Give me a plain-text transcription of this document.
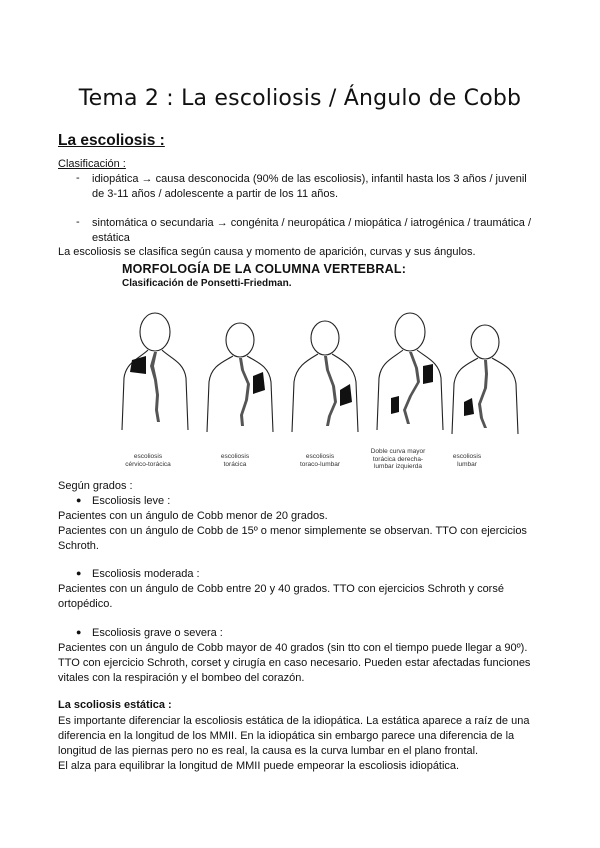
Tema 2 : La escoliosis / Ángulo de Cobb
La escoliosis :
Clasificación :
- idiopática → causa desconocida (90% de las escoliosis), infantil hasta los 3 años / juvenil
de 3-11 años / adolescente a partir de los 11 años.
- sintomática o secundaria → congénita / neuropática / miopática / iatrogénica / traumática /
estática
La escoliosis se clasifica según causa y momento de aparición, curvas y sus ángulos.
MORFOLOGÍA DE LA COLUMNA VERTEBRAL:
Clasificación de Ponsetti-Friedman.
escoliosis
cérvico-torácica
escoliosis
torácica
escoliosis
toraco-lumbar
Doble curva mayor
torácica derecha-
lumbar izquierda
escoliosis
lumbar
Según grados :
● Escoliosis leve :
Pacientes con un ángulo de Cobb menor de 20 grados.
Pacientes con un ángulo de Cobb de 15º o menor simplemente se observan. TTO con ejercicios
Schroth.
● Escoliosis moderada :
Pacientes con un ángulo de Cobb entre 20 y 40 grados. TTO con ejercicios Schroth y corsé
ortopédico.
● Escoliosis grave o severa :
Pacientes con un ángulo de Cobb mayor de 40 grados (sin tto con el tiempo puede llegar a 90º).
TTO con ejercicio Schroth, corset y cirugía en caso necesario. Pueden estar afectadas funciones
vitales con la respiración y el bombeo del corazón.
La scoliosis estática :
Es importante diferenciar la escoliosis estática de la idiopática. La estática aparece a raíz de una
diferencia en la longitud de los MMII. En la idiopática sin embargo parece una diferencia de la
longitud de las piernas pero no es real, la causa es la curva lumbar en el plano frontal.
El alza para equilibrar la longitud de MMII puede empeorar la escoliosis idiopática.
